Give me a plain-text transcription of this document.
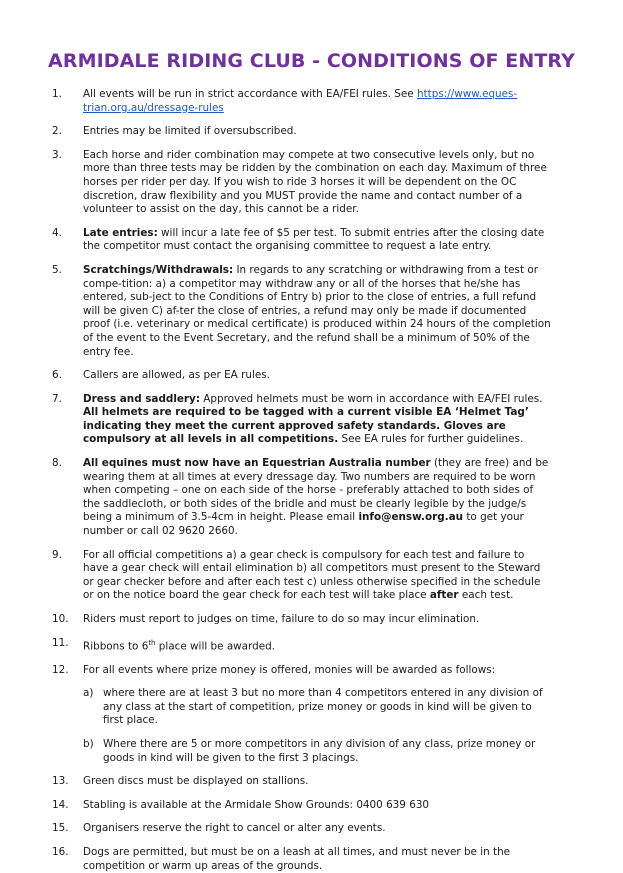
ARMIDALE RIDING CLUB - CONDITIONS OF ENTRY
1.	All events will be run in strict accordance with EA/FEI rules. See https://www.eques-trian.org.au/dressage-rules
2.	Entries may be limited if oversubscribed.
3.	Each horse and rider combination may compete at two consecutive levels only, but no more than three tests may be ridden by the combination on each day. Maximum of three horses per rider per day. If you wish to ride 3 horses it will be dependent on the OC discretion, draw flexibility and you MUST provide the name and contact number of a volunteer to assist on the day, this cannot be a rider.
4.	Late entries: will incur a late fee of $5 per test. To submit entries after the closing date the competitor must contact the organising committee to request a late entry.
5.	Scratchings/Withdrawals: In regards to any scratching or withdrawing from a test or compe-tition: a) a competitor may withdraw any or all of the horses that he/she has entered, sub-ject to the Conditions of Entry b) prior to the close of entries, a full refund will be given C) af-ter the close of entries, a refund may only be made if documented proof (i.e. veterinary or medical certificate) is produced within 24 hours of the completion of the event to the Event Secretary, and the refund shall be a minimum of 50% of the entry fee.
6.	Callers are allowed, as per EA rules.
7.	Dress and saddlery: Approved helmets must be worn in accordance with EA/FEI rules. All helmets are required to be tagged with a current visible EA ‘Helmet Tag’ indicating they meet the current approved safety standards. Gloves are compulsory at all levels in all competitions. See EA rules for further guidelines.
8.	All equines must now have an Equestrian Australia number (they are free) and be wearing them at all times at every dressage day. Two numbers are required to be worn when competing – one on each side of the horse - preferably attached to both sides of the saddlecloth, or both sides of the bridle and must be clearly legible by the judge/s being a minimum of 3.5-4cm in height. Please email info@ensw.org.au to get your number or call 02 9620 2660.
9.	For all official competitions a) a gear check is compulsory for each test and failure to have a gear check will entail elimination b) all competitors must present to the Steward or gear checker before and after each test c) unless otherwise specified in the schedule or on the notice board the gear check for each test will take place after each test.
10.	Riders must report to judges on time, failure to do so may incur elimination.
11.	Ribbons to 6th place will be awarded.
12.	For all events where prize money is offered, monies will be awarded as follows:
a) where there are at least 3 but no more than 4 competitors entered in any division of any class at the start of competition, prize money or goods in kind will be given to first place.
b) Where there are 5 or more competitors in any division of any class, prize money or goods in kind will be given to the first 3 placings.
13.	Green discs must be displayed on stallions.
14.	Stabling is available at the Armidale Show Grounds: 0400 639 630
15.	Organisers reserve the right to cancel or alter any events.
16.	Dogs are permitted, but must be on a leash at all times, and must never be in the competition or warm up areas of the grounds.
